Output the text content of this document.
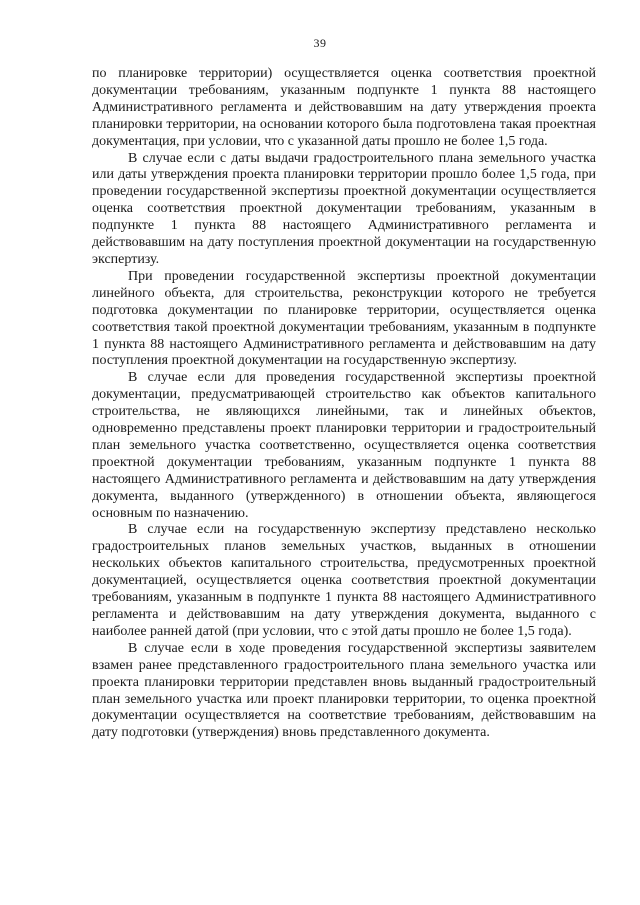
39

по планировке территории) осуществляется оценка соответствия проектной документации требованиям, указанным подпункте 1 пункта 88 настоящего Административного регламента и действовавшим на дату утверждения проекта планировки территории, на основании которого была подготовлена такая проектная документация, при условии, что с указанной даты прошло не более 1,5 года.

В случае если с даты выдачи градостроительного плана земельного участка или даты утверждения проекта планировки территории прошло более 1,5 года, при проведении государственной экспертизы проектной документации осуществляется оценка соответствия проектной документации требованиям, указанным в подпункте 1 пункта 88 настоящего Административного регламента и действовавшим на дату поступления проектной документации на государственную экспертизу.

При проведении государственной экспертизы проектной документации линейного объекта, для строительства, реконструкции которого не требуется подготовка документации по планировке территории, осуществляется оценка соответствия такой проектной документации требованиям, указанным в подпункте 1 пункта 88 настоящего Административного регламента и действовавшим на дату поступления проектной документации на государственную экспертизу.

В случае если для проведения государственной экспертизы проектной документации, предусматривающей строительство как объектов капитального строительства, не являющихся линейными, так и линейных объектов, одновременно представлены проект планировки территории и градостроительный план земельного участка соответственно, осуществляется оценка соответствия проектной документации требованиям, указанным подпункте 1 пункта 88 настоящего Административного регламента и действовавшим на дату утверждения документа, выданного (утвержденного) в отношении объекта, являющегося основным по назначению.

В случае если на государственную экспертизу представлено несколько градостроительных планов земельных участков, выданных в отношении нескольких объектов капитального строительства, предусмотренных проектной документацией, осуществляется оценка соответствия проектной документации требованиям, указанным в подпункте 1 пункта 88 настоящего Административного регламента и действовавшим на дату утверждения документа, выданного с наиболее ранней датой (при условии, что с этой даты прошло не более 1,5 года).

В случае если в ходе проведения государственной экспертизы заявителем взамен ранее представленного градостроительного плана земельного участка или проекта планировки территории представлен вновь выданный градостроительный план земельного участка или проект планировки территории, то оценка проектной документации осуществляется на соответствие требованиям, действовавшим на дату подготовки (утверждения) вновь представленного документа.
